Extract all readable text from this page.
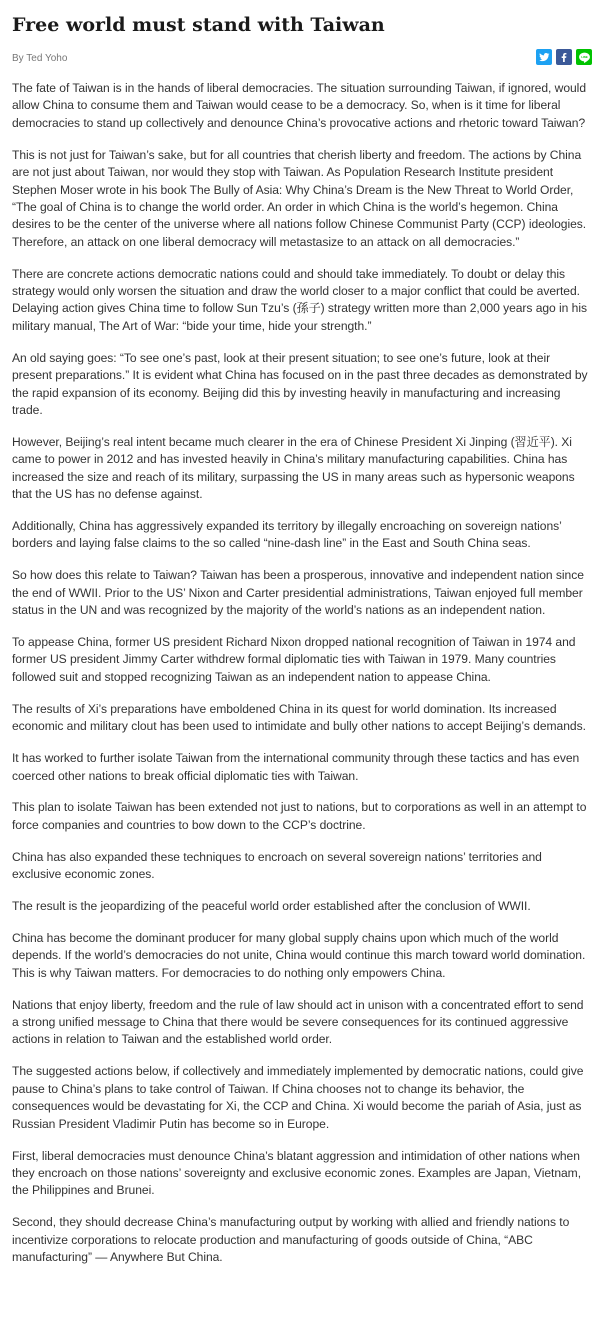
Free world must stand with Taiwan
By Ted Yoho	LINE

The fate of Taiwan is in the hands of liberal democracies. The situation surrounding Taiwan, if ignored, would allow China to consume them and Taiwan would cease to be a democracy. So, when is it time for liberal democracies to stand up collectively and denounce China’s provocative actions and rhetoric toward Taiwan?

This is not just for Taiwan’s sake, but for all countries that cherish liberty and freedom. The actions by China are not just about Taiwan, nor would they stop with Taiwan. As Population Research Institute president Stephen Moser wrote in his book The Bully of Asia: Why China’s Dream is the New Threat to World Order, “The goal of China is to change the world order. An order in which China is the world’s hegemon. China desires to be the center of the universe where all nations follow Chinese Communist Party (CCP) ideologies. Therefore, an attack on one liberal democracy will metastasize to an attack on all democracies.”

There are concrete actions democratic nations could and should take immediately. To doubt or delay this strategy would only worsen the situation and draw the world closer to a major conflict that could be averted. Delaying action gives China time to follow Sun Tzu’s (孫子) strategy written more than 2,000 years ago in his military manual, The Art of War: “bide your time, hide your strength.”

An old saying goes: “To see one’s past, look at their present situation; to see one’s future, look at their present preparations.” It is evident what China has focused on in the past three decades as demonstrated by the rapid expansion of its economy. Beijing did this by investing heavily in manufacturing and increasing trade.

However, Beijing’s real intent became much clearer in the era of Chinese President Xi Jinping (習近平). Xi came to power in 2012 and has invested heavily in China’s military manufacturing capabilities. China has increased the size and reach of its military, surpassing the US in many areas such as hypersonic weapons that the US has no defense against.

Additionally, China has aggressively expanded its territory by illegally encroaching on sovereign nations’ borders and laying false claims to the so called “nine-dash line” in the East and South China seas.

So how does this relate to Taiwan? Taiwan has been a prosperous, innovative and independent nation since the end of WWII. Prior to the US’ Nixon and Carter presidential administrations, Taiwan enjoyed full member status in the UN and was recognized by the majority of the world’s nations as an independent nation.

To appease China, former US president Richard Nixon dropped national recognition of Taiwan in 1974 and former US president Jimmy Carter withdrew formal diplomatic ties with Taiwan in 1979. Many countries followed suit and stopped recognizing Taiwan as an independent nation to appease China.

The results of Xi’s preparations have emboldened China in its quest for world domination. Its increased economic and military clout has been used to intimidate and bully other nations to accept Beijing’s demands.

It has worked to further isolate Taiwan from the international community through these tactics and has even coerced other nations to break official diplomatic ties with Taiwan.

This plan to isolate Taiwan has been extended not just to nations, but to corporations as well in an attempt to force companies and countries to bow down to the CCP’s doctrine.

China has also expanded these techniques to encroach on several sovereign nations’ territories and exclusive economic zones.

The result is the jeopardizing of the peaceful world order established after the conclusion of WWII.

China has become the dominant producer for many global supply chains upon which much of the world depends. If the world’s democracies do not unite, China would continue this march toward world domination. This is why Taiwan matters. For democracies to do nothing only empowers China.

Nations that enjoy liberty, freedom and the rule of law should act in unison with a concentrated effort to send a strong unified message to China that there would be severe consequences for its continued aggressive actions in relation to Taiwan and the established world order.

The suggested actions below, if collectively and immediately implemented by democratic nations, could give pause to China’s plans to take control of Taiwan. If China chooses not to change its behavior, the consequences would be devastating for Xi, the CCP and China. Xi would become the pariah of Asia, just as Russian President Vladimir Putin has become so in Europe.

First, liberal democracies must denounce China’s blatant aggression and intimidation of other nations when they encroach on those nations’ sovereignty and exclusive economic zones. Examples are Japan, Vietnam, the Philippines and Brunei.

Second, they should decrease China’s manufacturing output by working with allied and friendly nations to incentivize corporations to relocate production and manufacturing of goods outside of China, “ABC manufacturing” — Anywhere But China.
